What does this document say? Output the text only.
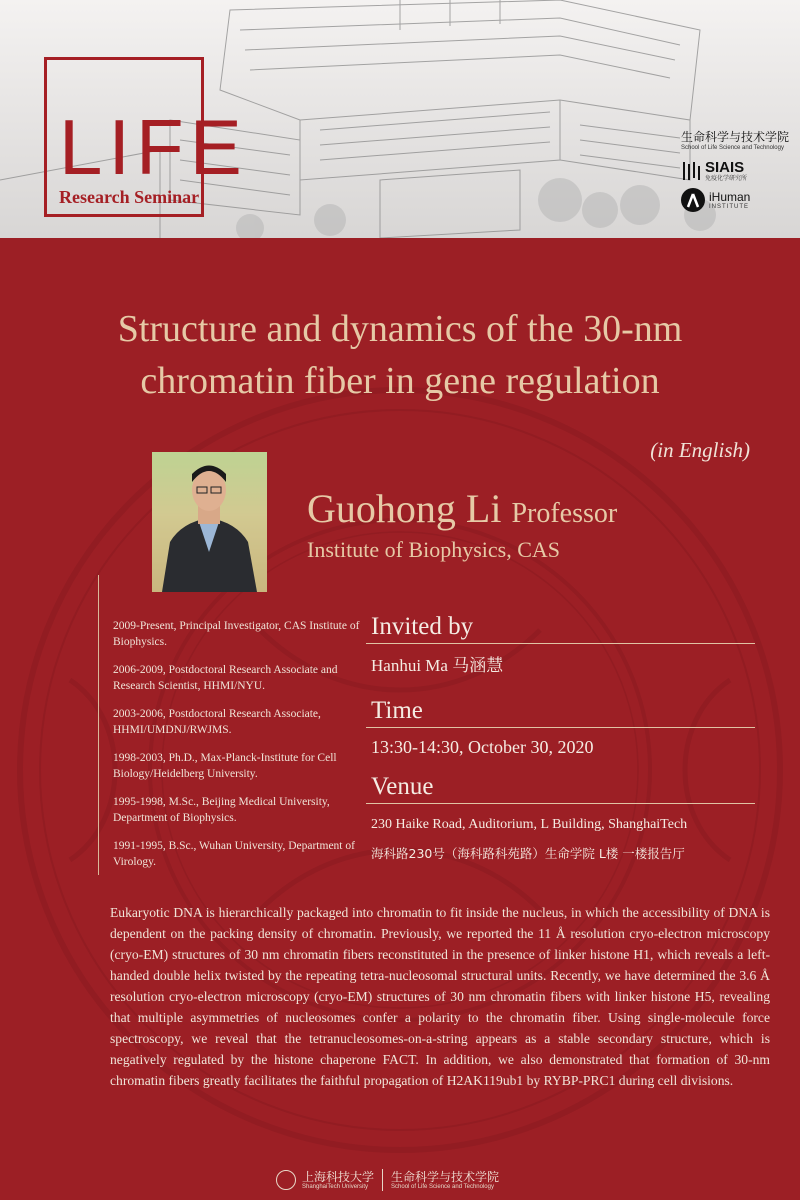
LIFE
Research Seminar
生命科学与技术学院
School of Life Science and Technology
SIAIS
免疫化学研究所
iHuman
INSTITUTE
Structure and dynamics of the 30-nm
chromatin fiber in gene regulation
(in English)
Guohong Li Professor
Institute of Biophysics, CAS
2009-Present, Principal Investigator, CAS Institute of Biophysics.
2006-2009, Postdoctoral Research Associate and Research Scientist, HHMI/NYU.
2003-2006, Postdoctoral Research Associate, HHMI/UMDNJ/RWJMS.
1998-2003, Ph.D., Max-Planck-Institute for Cell Biology/Heidelberg University.
1995-1998, M.Sc., Beijing Medical University, Department of Biophysics.
1991-1995, B.Sc., Wuhan University, Department of Virology.
Invited by
Hanhui Ma 马涵慧
Time
13:30-14:30, October 30, 2020
Venue
230 Haike Road, Auditorium, L Building, ShanghaiTech
海科路230号（海科路科苑路）生命学院 L楼 一楼报告厅
Eukaryotic DNA is hierarchically packaged into chromatin to fit inside the nucleus, in which the accessibility of DNA is dependent on the packing density of chromatin. Previously, we reported the 11 Å resolution cryo-electron microscopy (cryo-EM) structures of 30 nm chromatin fibers reconstituted in the presence of linker histone H1, which reveals a left-handed double helix twisted by the repeating tetra-nucleosomal structural units. Recently, we have determined the 3.6 Å resolution cryo-electron microscopy (cryo-EM) structures of 30 nm chromatin fibers with linker histone H5, revealing that multiple asymmetries of nucleosomes confer a polarity to the chromatin fiber. Using single-molecule force spectroscopy, we reveal that the tetranucleosomes-on-a-string appears as a stable secondary structure, which is negatively regulated by the histone chaperone FACT. In addition, we also demonstrated that formation of 30-nm chromatin fibers greatly facilitates the faithful propagation of H2AK119ub1 by RYBP-PRC1 during cell divisions.
上海科技大学
ShanghaiTech University
生命科学与技术学院
School of Life Science and Technology
